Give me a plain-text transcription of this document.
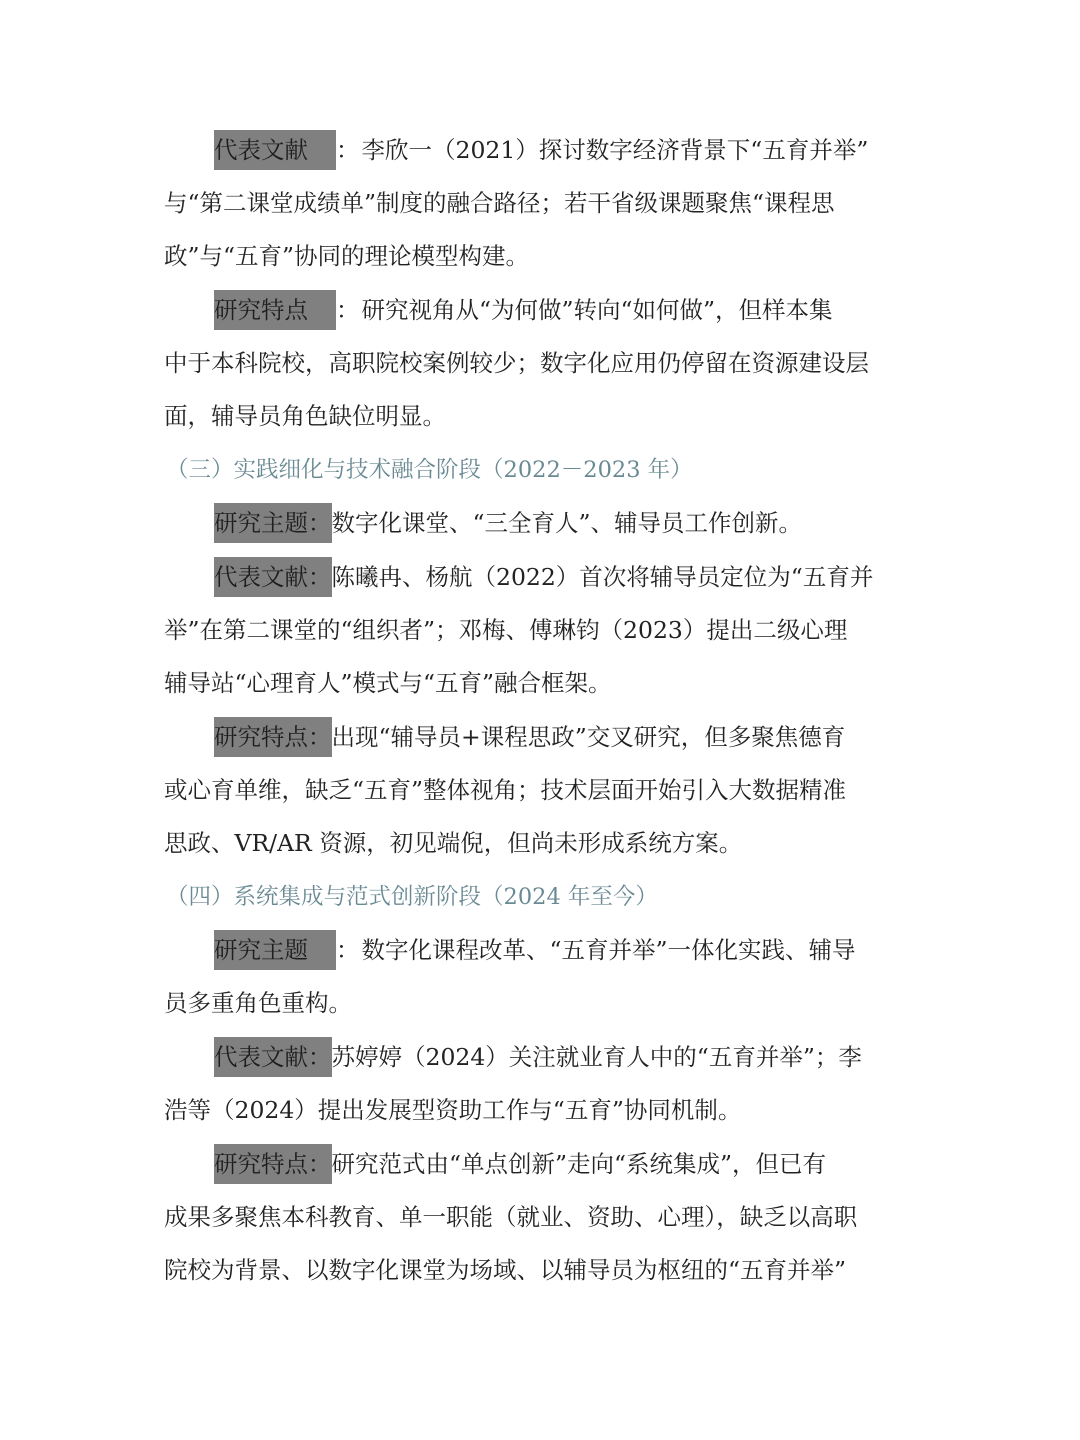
代表文献 ：李欣一（2021）探讨数字经济背景下“五育并举”
与“第二课堂成绩单”制度的融合路径；若干省级课题聚焦“课程思
政”与“五育”协同的理论模型构建。
研究特点 ：研究视角从“为何做”转向“如何做”，但样本集
中于本科院校，高职院校案例较少；数字化应用仍停留在资源建设层
面，辅导员角色缺位明显。
（三）实践细化与技术融合阶段（2022－2023 年）
研究主题：数字化课堂、“三全育人”、辅导员工作创新。
代表文献：陈曦冉、杨航（2022）首次将辅导员定位为“五育并
举”在第二课堂的“组织者”；邓梅、傅琳钧（2023）提出二级心理
辅导站“心理育人”模式与“五育”融合框架。
研究特点：出现“辅导员+课程思政”交叉研究，但多聚焦德育
或心育单维，缺乏“五育”整体视角；技术层面开始引入大数据精准
思政、VR/AR 资源，初见端倪，但尚未形成系统方案。
（四）系统集成与范式创新阶段（2024 年至今）
研究主题 ：数字化课程改革、“五育并举”一体化实践、辅导
员多重角色重构。
代表文献：苏婷婷（2024）关注就业育人中的“五育并举”；李
浩等（2024）提出发展型资助工作与“五育”协同机制。
研究特点：研究范式由“单点创新”走向“系统集成”，但已有
成果多聚焦本科教育、单一职能（就业、资助、心理），缺乏以高职
院校为背景、以数字化课堂为场域、以辅导员为枢纽的“五育并举”
